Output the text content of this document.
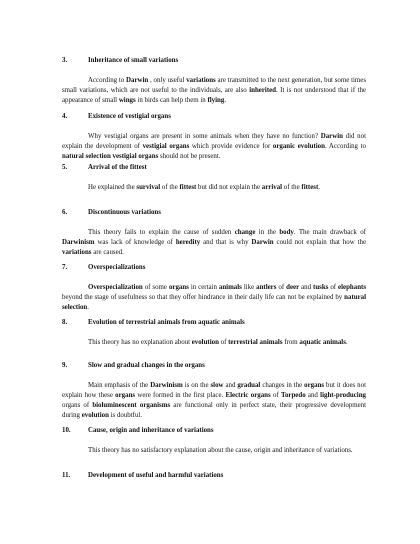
3.	Inheritance of small variations
According to Darwin , only useful variations are transmitted to the next generation, but some times small variations, which are not useful to the individuals, are also inherited. It is not understood that if the appearance of small wings in birds can help them in flying.
4.	Existence of vestigial organs
Why vestigial organs are present in some animals when they have no function? Darwin did not explain the development of vestigial organs which provide evidence for organic evolution. According to natural selection vestigial organs should not be present.
5.	Arrival of the fittest
He explained the survival of the fittest but did not explain the arrival of the fittest.
6.	Discontinuous variations
This theory fails to explain the cause of sudden change in the body. The main drawback of Darwinism was lack of knowledge of heredity and that is why Darwin could not explain that how the variations are caused.
7.	Overspecializations
Overspecialization of some organs in certain animals like antlers of deer and tusks of elephants beyond the stage of usefulness so that they offer hindrance in their daily life can not be explained by natural selection.
8.	Evolution of terrestrial animals from aquatic animals
This theory has no explanation about evolution of terrestrial animals from aquatic animals.
9.	Slow and gradual changes in the organs
Main emphasis of the Darwinism is on the slow and gradual changes in the organs but it does not explain how these organs were formed in the first place. Electric organs of Torpedo and light-producing organs of bioluminescent organisms are functional only in perfect state, their progressive development during evolution is doubtful.
10.	Cause, origin and inheritance of variations
This theory has no satisfactory explanation about the cause, origin and inheritance of variations.
11.	Development of useful and harmful variations
